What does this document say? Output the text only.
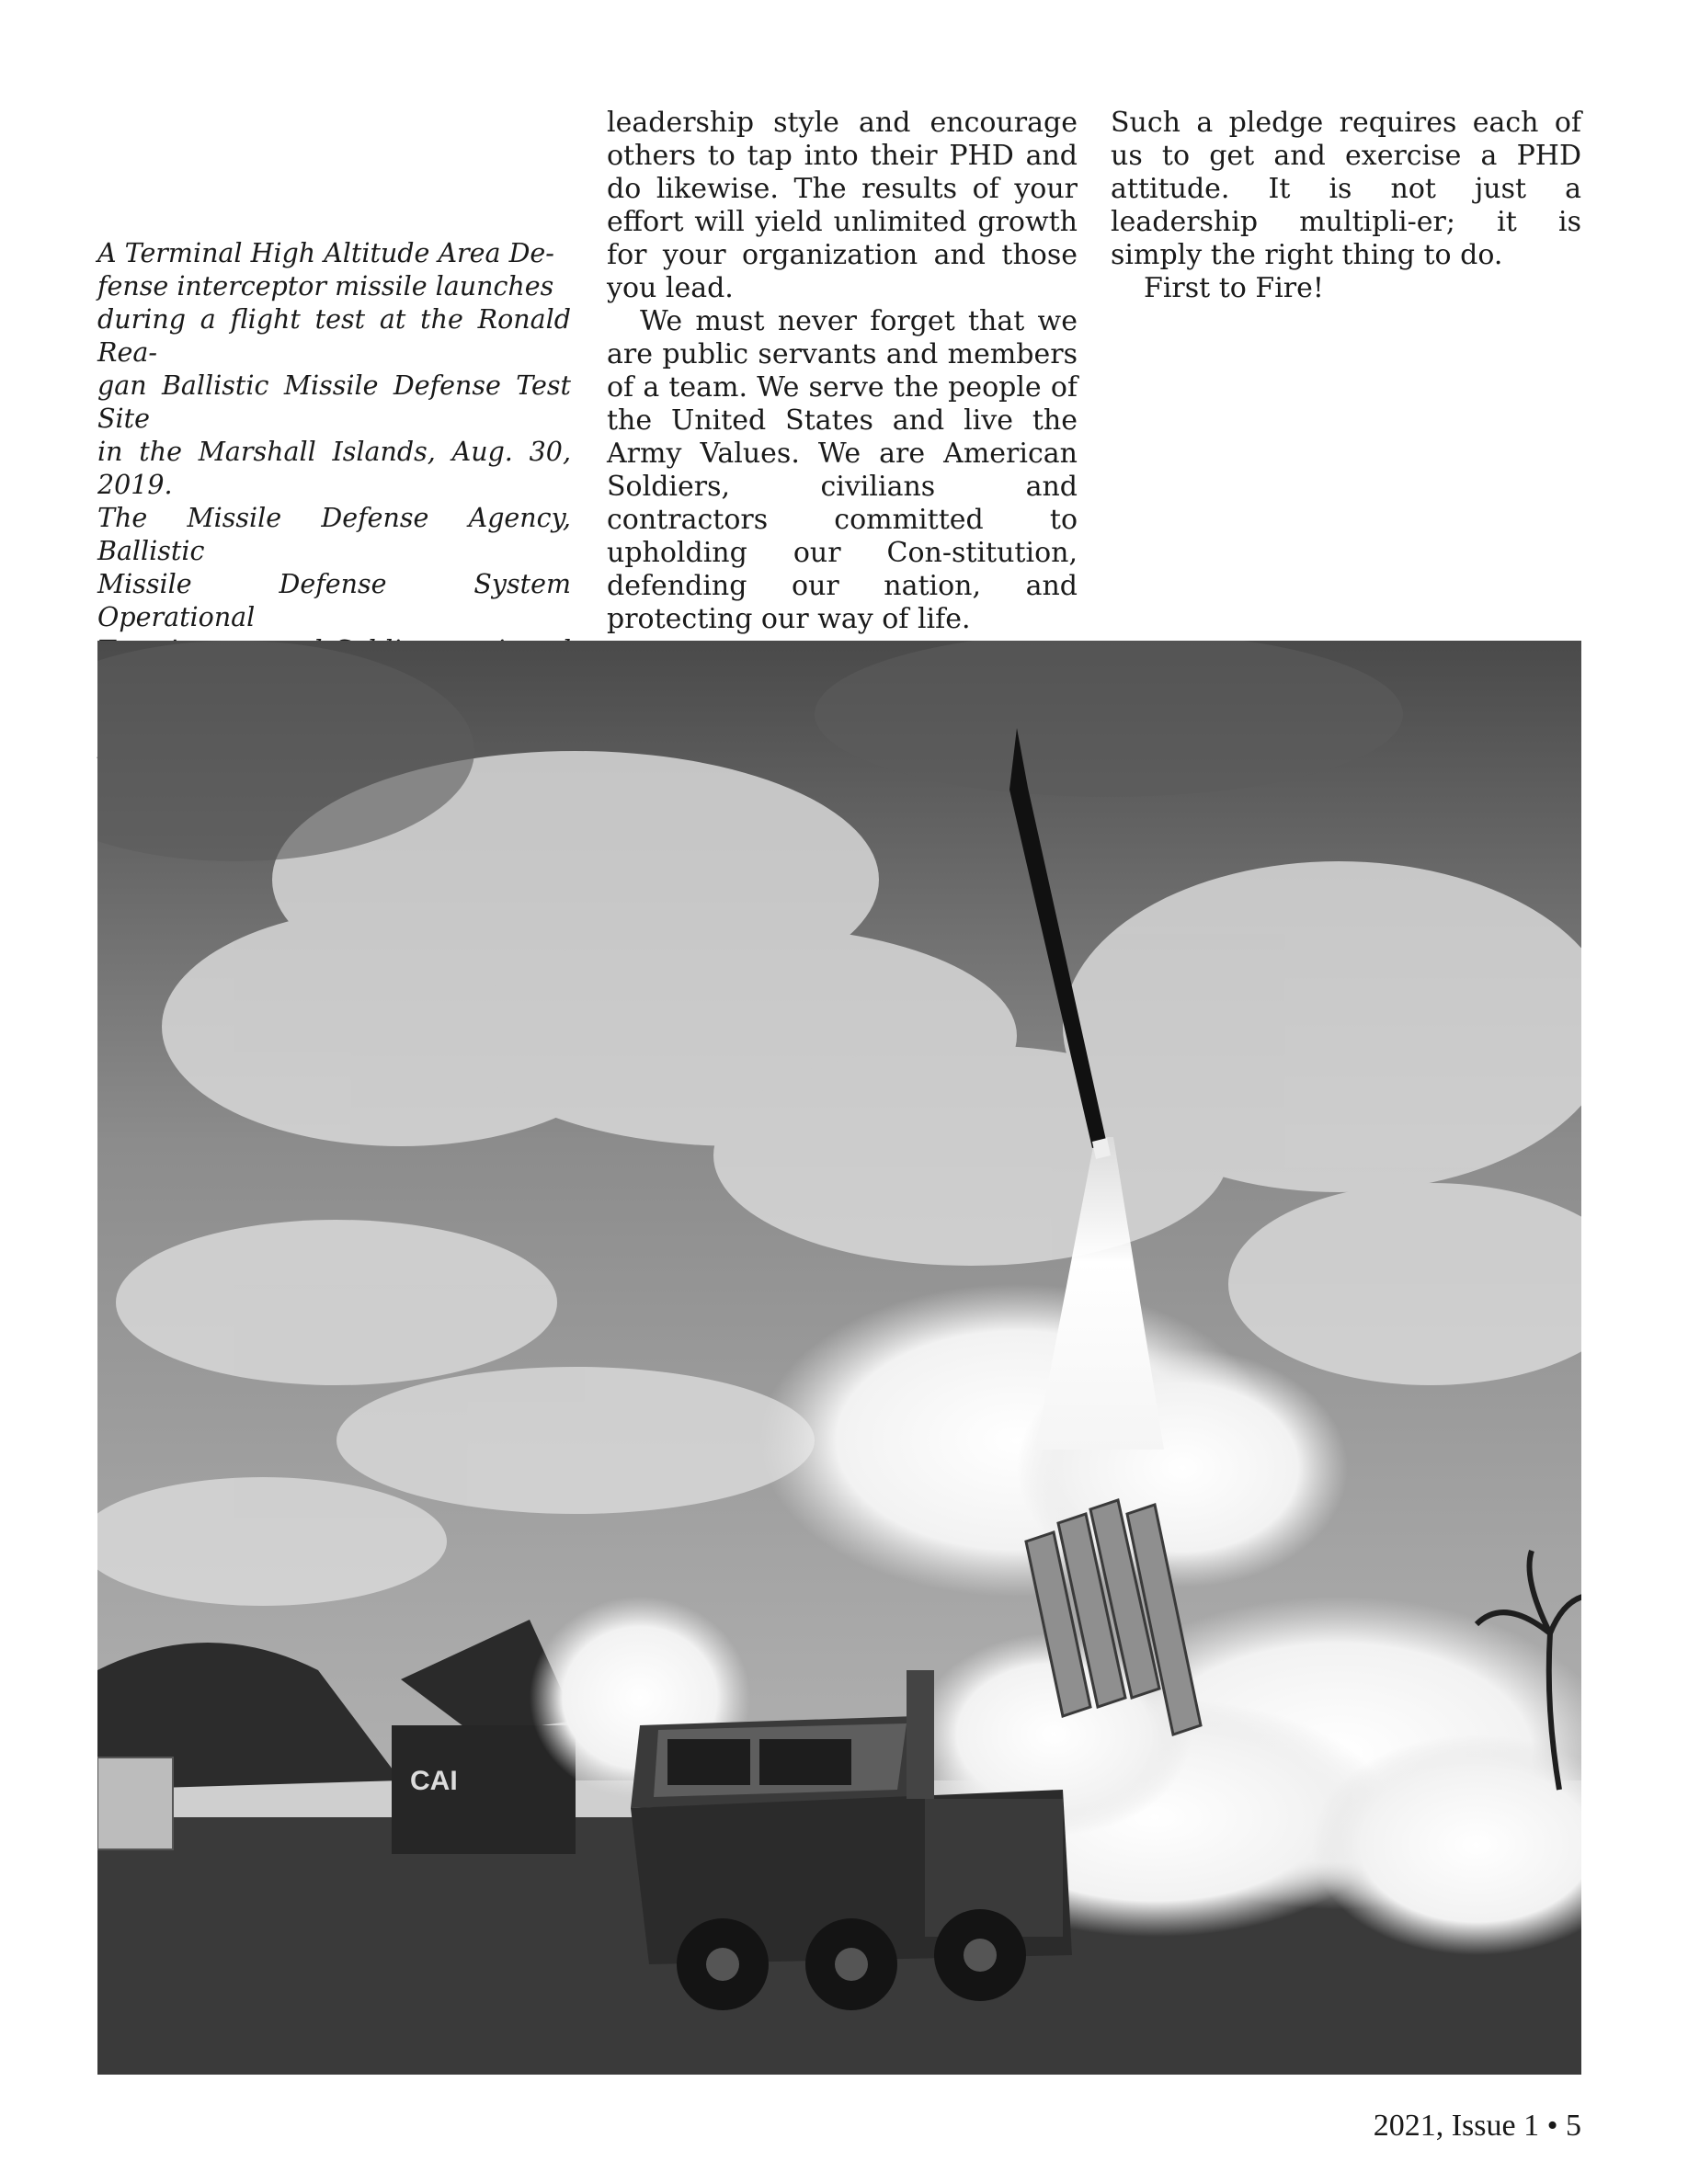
A Terminal High Altitude Area De-
fense interceptor missile launches
during a flight test at the Ronald Rea-
gan Ballistic Missile Defense Test Site
in the Marshall Islands, Aug. 30, 2019.
The Missile Defense Agency, Ballistic
Missile Defense System Operational

leadership style and encourage others to tap into their PHD and do likewise. The results of your effort will yield unlimited growth for your organization and those you lead.

We must never forget that we are public servants and members of a team. We serve the people of the United States and live the Army Values. We are American Soldiers, civilians and contractors committed to upholding our Con-stitution, defending our nation, and protecting our way of life.

Such a pledge requires each of us to get and exercise a PHD attitude. It is not just a leadership multipli-er; it is simply the right thing to do.

First to Fire!

CAI
2021, Issue 1 • 5
